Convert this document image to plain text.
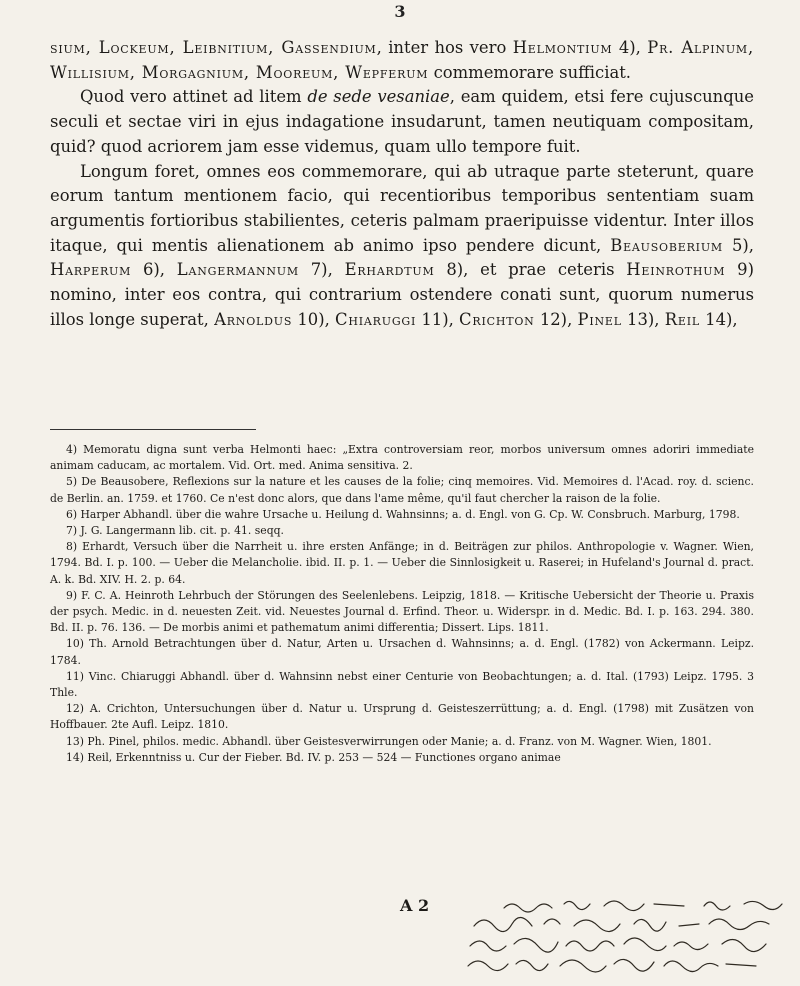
3

sium, Lockeum, Leibnitium, Gassendium, inter hos vero Helmontium 4), Pr. Alpinum, Willisium, Morgagnium, Mooreum, Wepferum commemorare sufficiat.

Quod vero attinet ad litem de sede vesaniae, eam quidem, etsi fere cujuscunque seculi et sectae viri in ejus indagatione insudarunt, tamen neutiquam compositam, quid? quod acriorem jam esse videmus, quam ullo tempore fuit.

Longum foret, omnes eos commemorare, qui ab utraque parte steterunt, quare eorum tantum mentionem facio, qui recentioribus temporibus sententiam suam argumentis fortioribus stabilientes, ceteris palmam praeripuisse videntur. Inter illos itaque, qui mentis alienationem ab animo ipso pendere dicunt, Beausoberium 5), Harperum 6), Langermannum 7), Erhardtum 8), et prae ceteris Heinrothum 9) nomino, inter eos contra, qui contrarium ostendere conati sunt, quorum numerus illos longe superat, Arnoldus 10), Chiaruggi 11), Crichton 12), Pinel 13), Reil 14),

4) Memoratu digna sunt verba Helmonti haec: „Extra controversiam reor, morbos universum omnes adoriri immediate animam caducam, ac mortalem. Vid. Ort. med. Anima sensitiva. 2.

5) De Beausobere, Reflexions sur la nature et les causes de la folie; cinq memoires. Vid. Memoires d. l'Acad. roy. d. scienc. de Berlin. an. 1759. et 1760. Ce n'est donc alors, que dans l'ame même, qu'il faut chercher la raison de la folie.

6) Harper Abhandl. über die wahre Ursache u. Heilung d. Wahnsinns; a. d. Engl. von G. Cp. W. Consbruch. Marburg, 1798.

7) J. G. Langermann lib. cit. p. 41. seqq.

8) Erhardt, Versuch über die Narrheit u. ihre ersten Anfänge; in d. Beiträgen zur philos. Anthropologie v. Wagner. Wien, 1794. Bd. I. p. 100. — Ueber die Melancholie. ibid. II. p. 1. — Ueber die Sinnlosigkeit u. Raserei; in Hufeland's Journal d. pract. A. k. Bd. XIV. H. 2. p. 64.

9) F. C. A. Heinroth Lehrbuch der Störungen des Seelenlebens. Leipzig, 1818. — Kritische Uebersicht der Theorie u. Praxis der psych. Medic. in d. neuesten Zeit. vid. Neuestes Journal d. Erfind. Theor. u. Widerspr. in d. Medic. Bd. I. p. 163. 294. 380. Bd. II. p. 76. 136. — De morbis animi et pathematum animi differentia; Dissert. Lips. 1811.

10) Th. Arnold Betrachtungen über d. Natur, Arten u. Ursachen d. Wahnsinns; a. d. Engl. (1782) von Ackermann. Leipz. 1784.

11) Vinc. Chiaruggi Abhandl. über d. Wahnsinn nebst einer Centurie von Beobachtungen; a. d. Ital. (1793) Leipz. 1795. 3 Thle.

12) A. Crichton, Untersuchungen über d. Natur u. Ursprung d. Geisteszerrüttung; a. d. Engl. (1798) mit Zusätzen von Hoffbauer. 2te Aufl. Leipz. 1810.

13) Ph. Pinel, philos. medic. Abhandl. über Geistesverwirrungen oder Manie; a. d. Franz. von M. Wagner. Wien, 1801.

14) Reil, Erkenntniss u. Cur der Fieber. Bd. IV. p. 253 — 524 — Functiones organo animae

A 2
